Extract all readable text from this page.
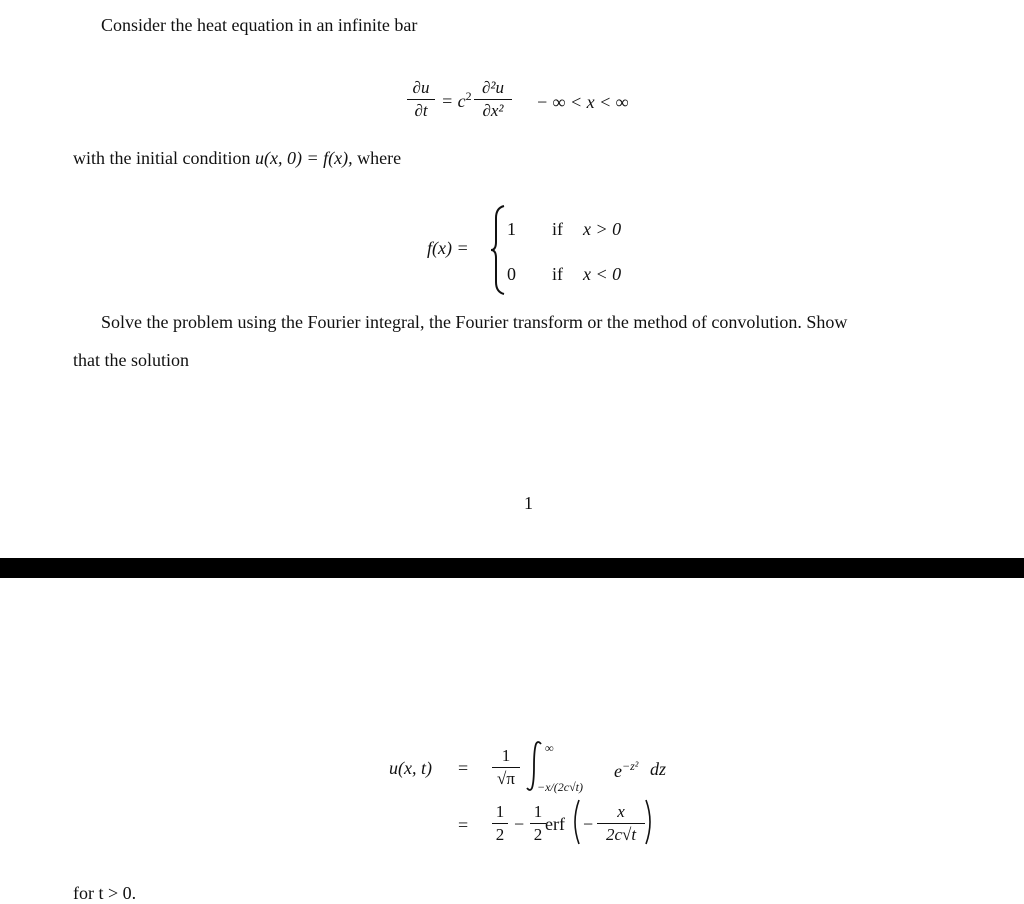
Consider the heat equation in an infinite bar
∂u
$\partial t = c^2$ ∂²u
∂x²	− ∞ < x < ∞
with the initial condition u(x, 0) = f(x), where
f(x) =
1 if x > 0
0 if x < 0
Solve the problem using the Fourier integral, the Fourier transform or the method of convolution. Show
that the solution
1
u(x, t) =
1
√π
∞
−x/(2c√t)
$e^{-z^2}$ dz
=
1
2
−
1
2
erf −
x
2c√t
for t > 0.
